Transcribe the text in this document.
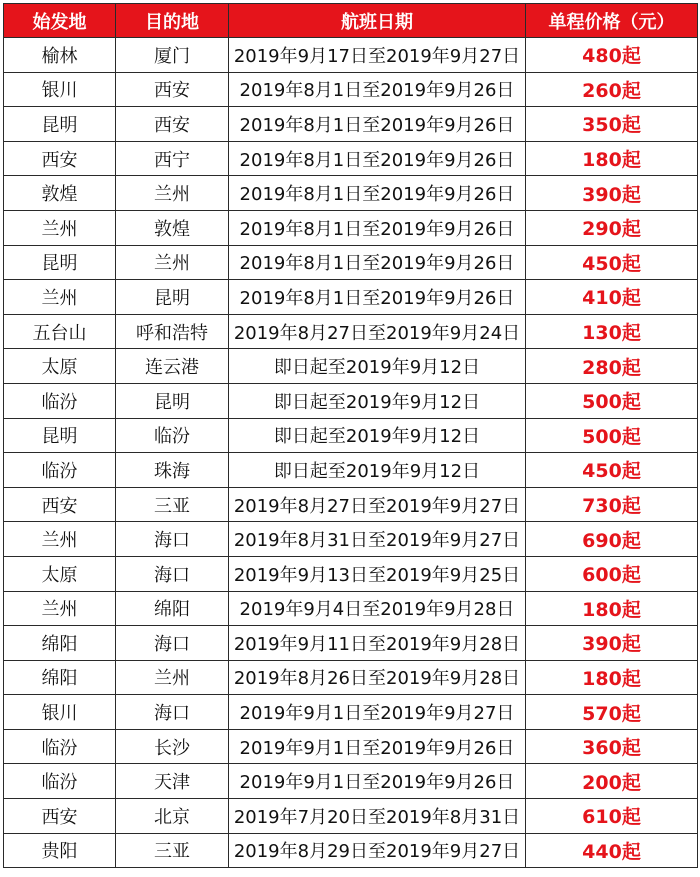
始发地	目的地	航班日期	单程价格（元）
榆林	厦门	2019年9月17日至2019年9月27日	480起
银川	西安	2019年8月1日至2019年9月26日	260起
昆明	西安	2019年8月1日至2019年9月26日	350起
西安	西宁	2019年8月1日至2019年9月26日	180起
敦煌	兰州	2019年8月1日至2019年9月26日	390起
兰州	敦煌	2019年8月1日至2019年9月26日	290起
昆明	兰州	2019年8月1日至2019年9月26日	450起
兰州	昆明	2019年8月1日至2019年9月26日	410起
五台山	呼和浩特	2019年8月27日至2019年9月24日	130起
太原	连云港	即日起至2019年9月12日	280起
临汾	昆明	即日起至2019年9月12日	500起
昆明	临汾	即日起至2019年9月12日	500起
临汾	珠海	即日起至2019年9月12日	450起
西安	三亚	2019年8月27日至2019年9月27日	730起
兰州	海口	2019年8月31日至2019年9月27日	690起
太原	海口	2019年9月13日至2019年9月25日	600起
兰州	绵阳	2019年9月4日至2019年9月28日	180起
绵阳	海口	2019年9月11日至2019年9月28日	390起
绵阳	兰州	2019年8月26日至2019年9月28日	180起
银川	海口	2019年9月1日至2019年9月27日	570起
临汾	长沙	2019年9月1日至2019年9月26日	360起
临汾	天津	2019年9月1日至2019年9月26日	200起
西安	北京	2019年7月20日至2019年8月31日	610起
贵阳	三亚	2019年8月29日至2019年9月27日	440起
